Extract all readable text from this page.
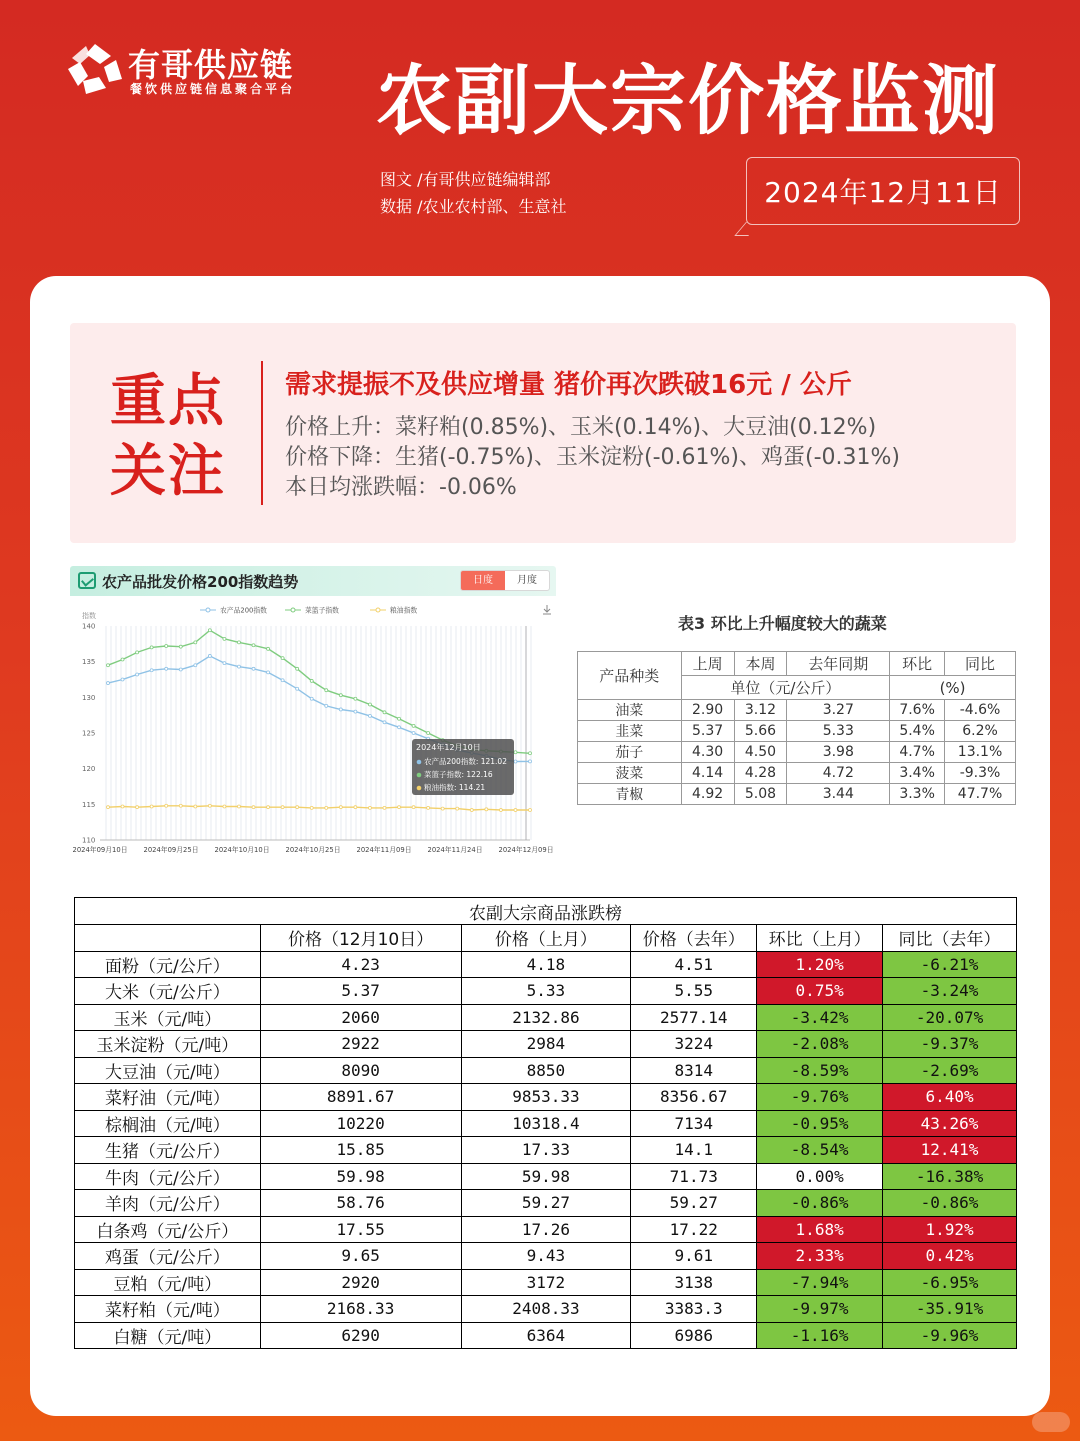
有哥供应链
餐饮供应链信息聚合平台 农副大宗价格监测
图文 /有哥供应链编辑部
数据 /农业农村部、生意社	2024年12月11日
重点
关注
需求提振不及供应增量 猪价再次跌破16元 / 公斤
价格上升：菜籽粕(0.85%)、玉米(0.14%)、大豆油(0.12%)
价格下降：生猪(-0.75%)、玉米淀粉(-0.61%)、鸡蛋(-0.31%)
本日均涨跌幅：-0.06%
农产品批发价格200指数趋势	日度	月度
指数
农产品200指数	菜篮子指数	粮油指数
110
115
120
125
130
135
140
2024年09月10日 2024年09月25日 2024年10月10日 2024年10月25日 2024年11月09日 2024年11月24日 2024年12月09日
2024年12月10日
农产品200指数: 121.02
菜篮子指数: 122.16
粮油指数: 114.21
表3 环比上升幅度较大的蔬菜
产品种类	上周	本周	去年同期	环比	同比
	单位（元/公斤）			(%)	
油菜	2.90	3.12	3.27	7.6%	-4.6%
韭菜	5.37	5.66	5.33	5.4%	6.2%
茄子	4.30	4.50	3.98	4.7%	13.1%
菠菜	4.14	4.28	4.72	3.4%	-9.3%
青椒	4.92	5.08	3.44	3.3%	47.7%
农副大宗商品涨跌榜					
	价格（12月10日）	价格（上月）	价格（去年）	环比（上月）	同比（去年）
面粉（元/公斤）	4.23	4.18	4.51	1.20%	-6.21%
大米（元/公斤）	5.37	5.33	5.55	0.75%	-3.24%
玉米（元/吨）	2060	2132.86	2577.14	-3.42%	-20.07%
玉米淀粉（元/吨）	2922	2984	3224	-2.08%	-9.37%
大豆油（元/吨）	8090	8850	8314	-8.59%	-2.69%
菜籽油（元/吨）	8891.67	9853.33	8356.67	-9.76%	6.40%
棕榈油（元/吨）	10220	10318.4	7134	-0.95%	43.26%
生猪（元/公斤）	15.85	17.33	14.1	-8.54%	12.41%
牛肉（元/公斤）	59.98	59.98	71.73	0.00%	-16.38%
羊肉（元/公斤）	58.76	59.27	59.27	-0.86%	-0.86%
白条鸡（元/公斤）	17.55	17.26	17.22	1.68%	1.92%
鸡蛋（元/公斤）	9.65	9.43	9.61	2.33%	0.42%
豆粕（元/吨）	2920	3172	3138	-7.94%	-6.95%
菜籽粕（元/吨）	2168.33	2408.33	3383.3	-9.97%	-35.91%
白糖（元/吨）	6290	6364	6986	-1.16%	-9.96%
